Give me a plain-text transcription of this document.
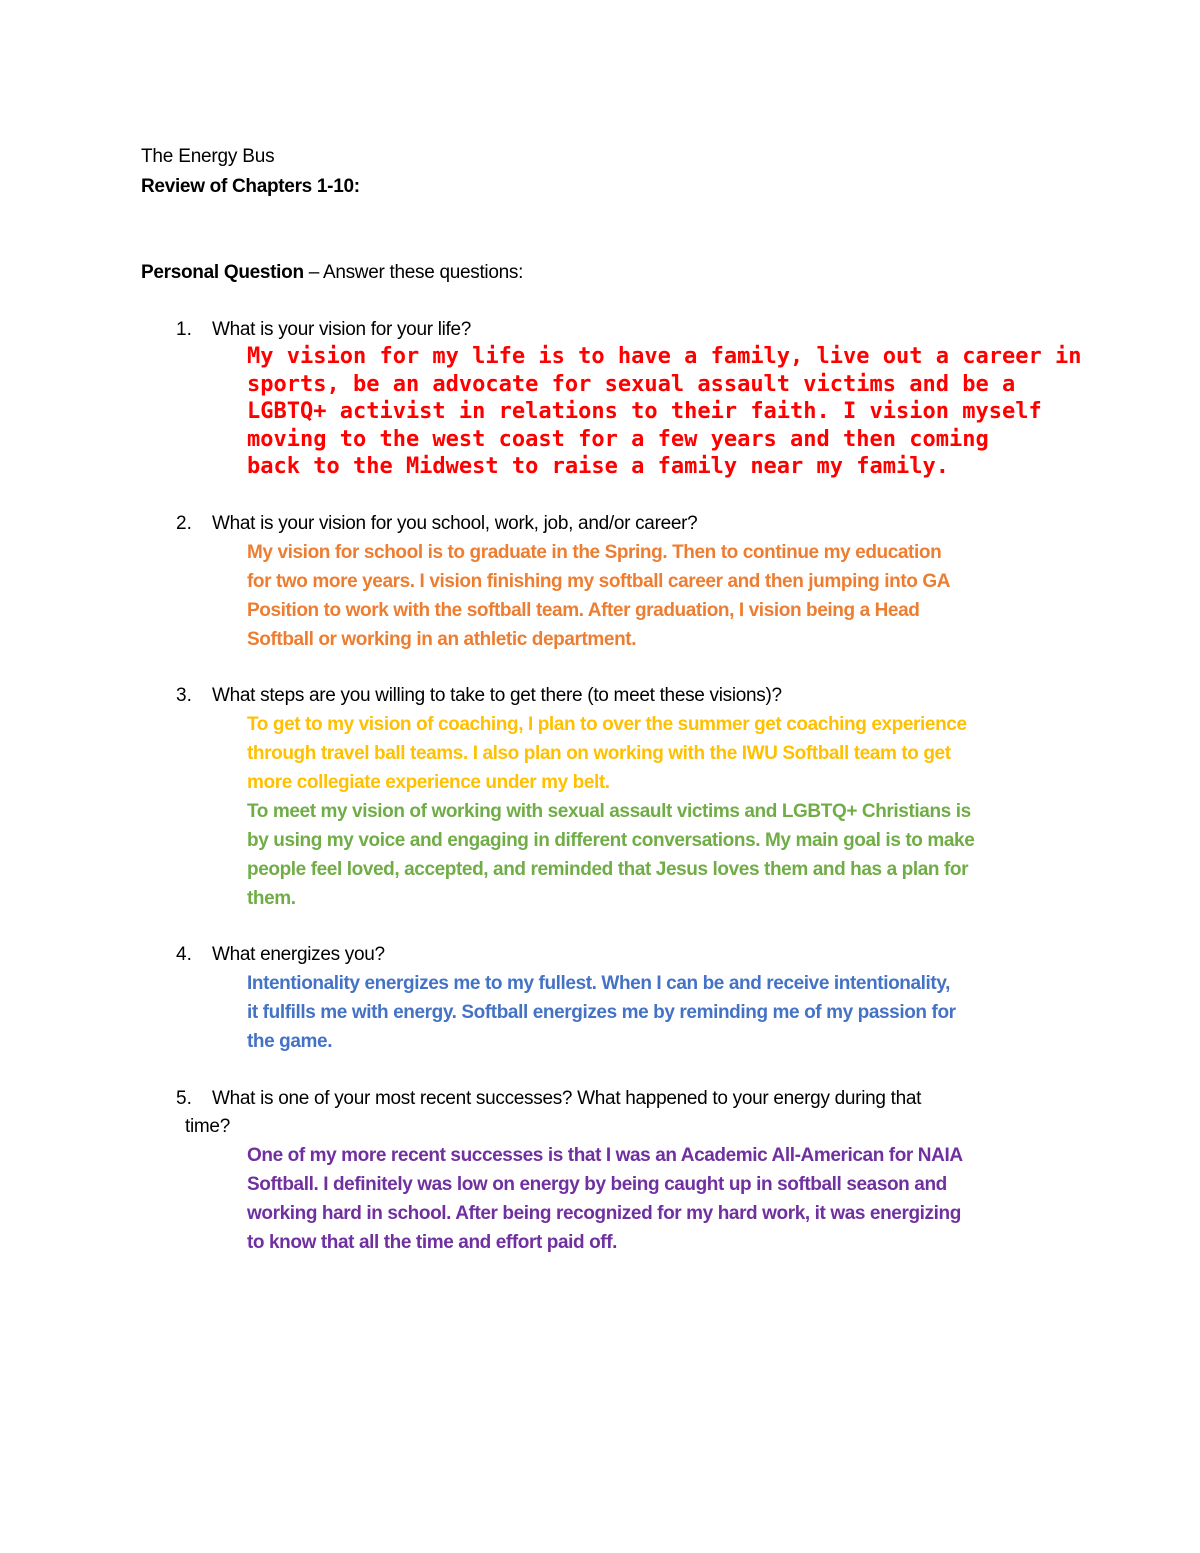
The Energy Bus
Review of Chapters 1-10:
Personal Question – Answer these questions:
1. What is your vision for your life?
My vision for my life is to have a family, live out a career in
sports, be an advocate for sexual assault victims and be a
LGBTQ+ activist in relations to their faith. I vision myself
moving to the west coast for a few years and then coming
back to the Midwest to raise a family near my family.
2. What is your vision for you school, work, job, and/or career?
My vision for school is to graduate in the Spring. Then to continue my education
for two more years. I vision finishing my softball career and then jumping into GA
Position to work with the softball team. After graduation, I vision being a Head
Softball or working in an athletic department.
3. What steps are you willing to take to get there (to meet these visions)?
To get to my vision of coaching, I plan to over the summer get coaching experience
through travel ball teams. I also plan on working with the IWU Softball team to get
more collegiate experience under my belt.
To meet my vision of working with sexual assault victims and LGBTQ+ Christians is
by using my voice and engaging in different conversations. My main goal is to make
people feel loved, accepted, and reminded that Jesus loves them and has a plan for
them.
4. What energizes you?
Intentionality energizes me to my fullest. When I can be and receive intentionality,
it fulfills me with energy. Softball energizes me by reminding me of my passion for
the game.
5. What is one of your most recent successes? What happened to your energy during that
time?
One of my more recent successes is that I was an Academic All-American for NAIA
Softball. I definitely was low on energy by being caught up in softball season and
working hard in school. After being recognized for my hard work, it was energizing
to know that all the time and effort paid off.
